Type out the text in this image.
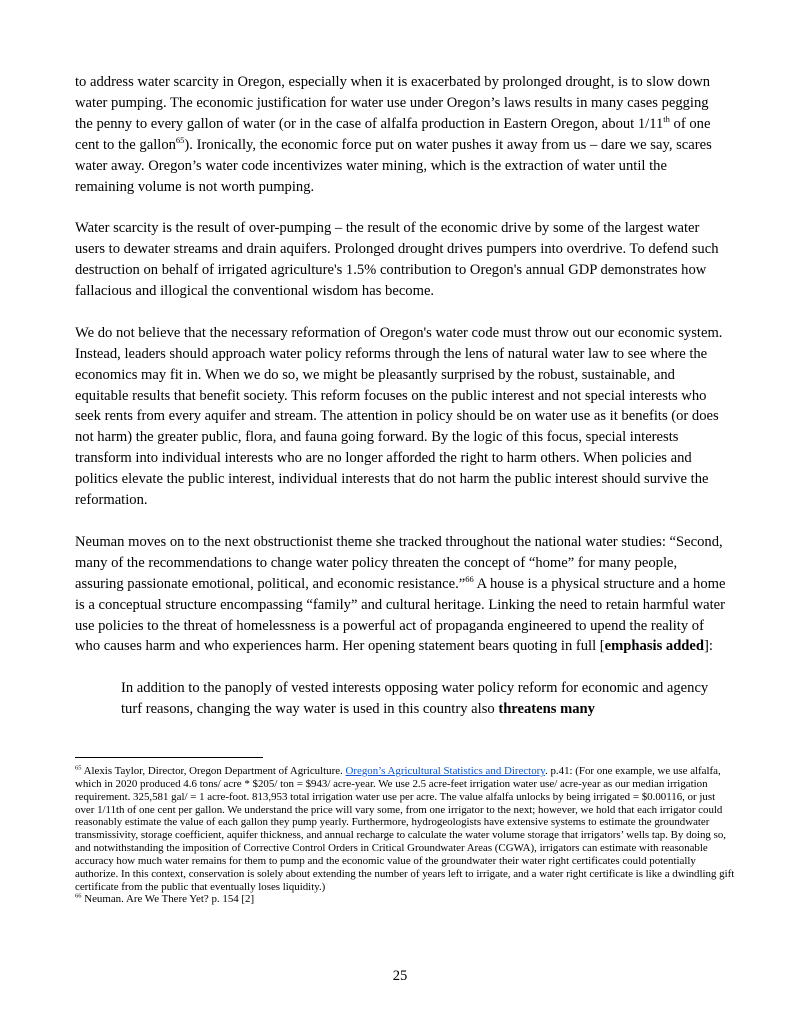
to address water scarcity in Oregon, especially when it is exacerbated by prolonged drought, is to slow down water pumping. The economic justification for water use under Oregon’s laws results in many cases pegging the penny to every gallon of water (or in the case of alfalfa production in Eastern Oregon, about 1/11th of one cent to the gallon$^{65}$). Ironically, the economic force put on water pushes it away from us – dare we say, scares water away. Oregon’s water code incentivizes water mining, which is the extraction of water until the remaining volume is not worth pumping.

Water scarcity is the result of over-pumping – the result of the economic drive by some of the largest water users to dewater streams and drain aquifers. Prolonged drought drives pumpers into overdrive. To defend such destruction on behalf of irrigated agriculture's 1.5% contribution to Oregon's annual GDP demonstrates how fallacious and illogical the conventional wisdom has become.

We do not believe that the necessary reformation of Oregon's water code must throw out our economic system. Instead, leaders should approach water policy reforms through the lens of natural water law to see where the economics may fit in. When we do so, we might be pleasantly surprised by the robust, sustainable, and equitable results that benefit society. This reform focuses on the public interest and not special interests who seek rents from every aquifer and stream. The attention in policy should be on water use as it benefits (or does not harm) the greater public, flora, and fauna going forward. By the logic of this focus, special interests transform into individual interests who are no longer afforded the right to harm others. When policies and politics elevate the public interest, individual interests that do not harm the public interest should survive the reformation.

Neuman moves on to the next obstructionist theme she tracked throughout the national water studies: “Second, many of the recommendations to change water policy threaten the concept of “home” for many people, assuring passionate emotional, political, and economic resistance.”$^{66}$ A house is a physical structure and a home is a conceptual structure encompassing “family” and cultural heritage. Linking the need to retain harmful water use policies to the threat of homelessness is a powerful act of propaganda engineered to upend the reality of who causes harm and who experiences harm. Her opening statement bears quoting in full [emphasis added]:

In addition to the panoply of vested interests opposing water policy reform for economic and agency turf reasons, changing the way water is used in this country also threatens many

$^{65}$ Alexis Taylor, Director, Oregon Department of Agriculture. Oregon’s Agricultural Statistics and Directory. p.41: (For one example, we use alfalfa, which in 2020 produced 4.6 tons/ acre * $205/ ton = $943/ acre-year. We use 2.5 acre-feet irrigation water use/ acre-year as our median irrigation requirement. 325,581 gal/ = 1 acre-foot. 813,953 total irrigation water use per acre. The value alfalfa unlocks by being irrigated = $0.00116, or just over 1/11th of one cent per gallon. We understand the price will vary some, from one irrigator to the next; however, we hold that each irrigator could reasonably estimate the value of each gallon they pump yearly. Furthermore, hydrogeologists have extensive systems to estimate the groundwater transmissivity, storage coefficient, aquifer thickness, and annual recharge to calculate the water volume storage that irrigators’ wells tap. By doing so, and notwithstanding the imposition of Corrective Control Orders in Critical Groundwater Areas (CGWA), irrigators can estimate with reasonable accuracy how much water remains for them to pump and the economic value of the groundwater their water right certificates could potentially authorize. In this context, conservation is solely about extending the number of years left to irrigate, and a water right certificate is like a dwindling gift certificate from the public that eventually loses liquidity.)

$^{66}$ Neuman. Are We There Yet? p. 154 [2]

25
